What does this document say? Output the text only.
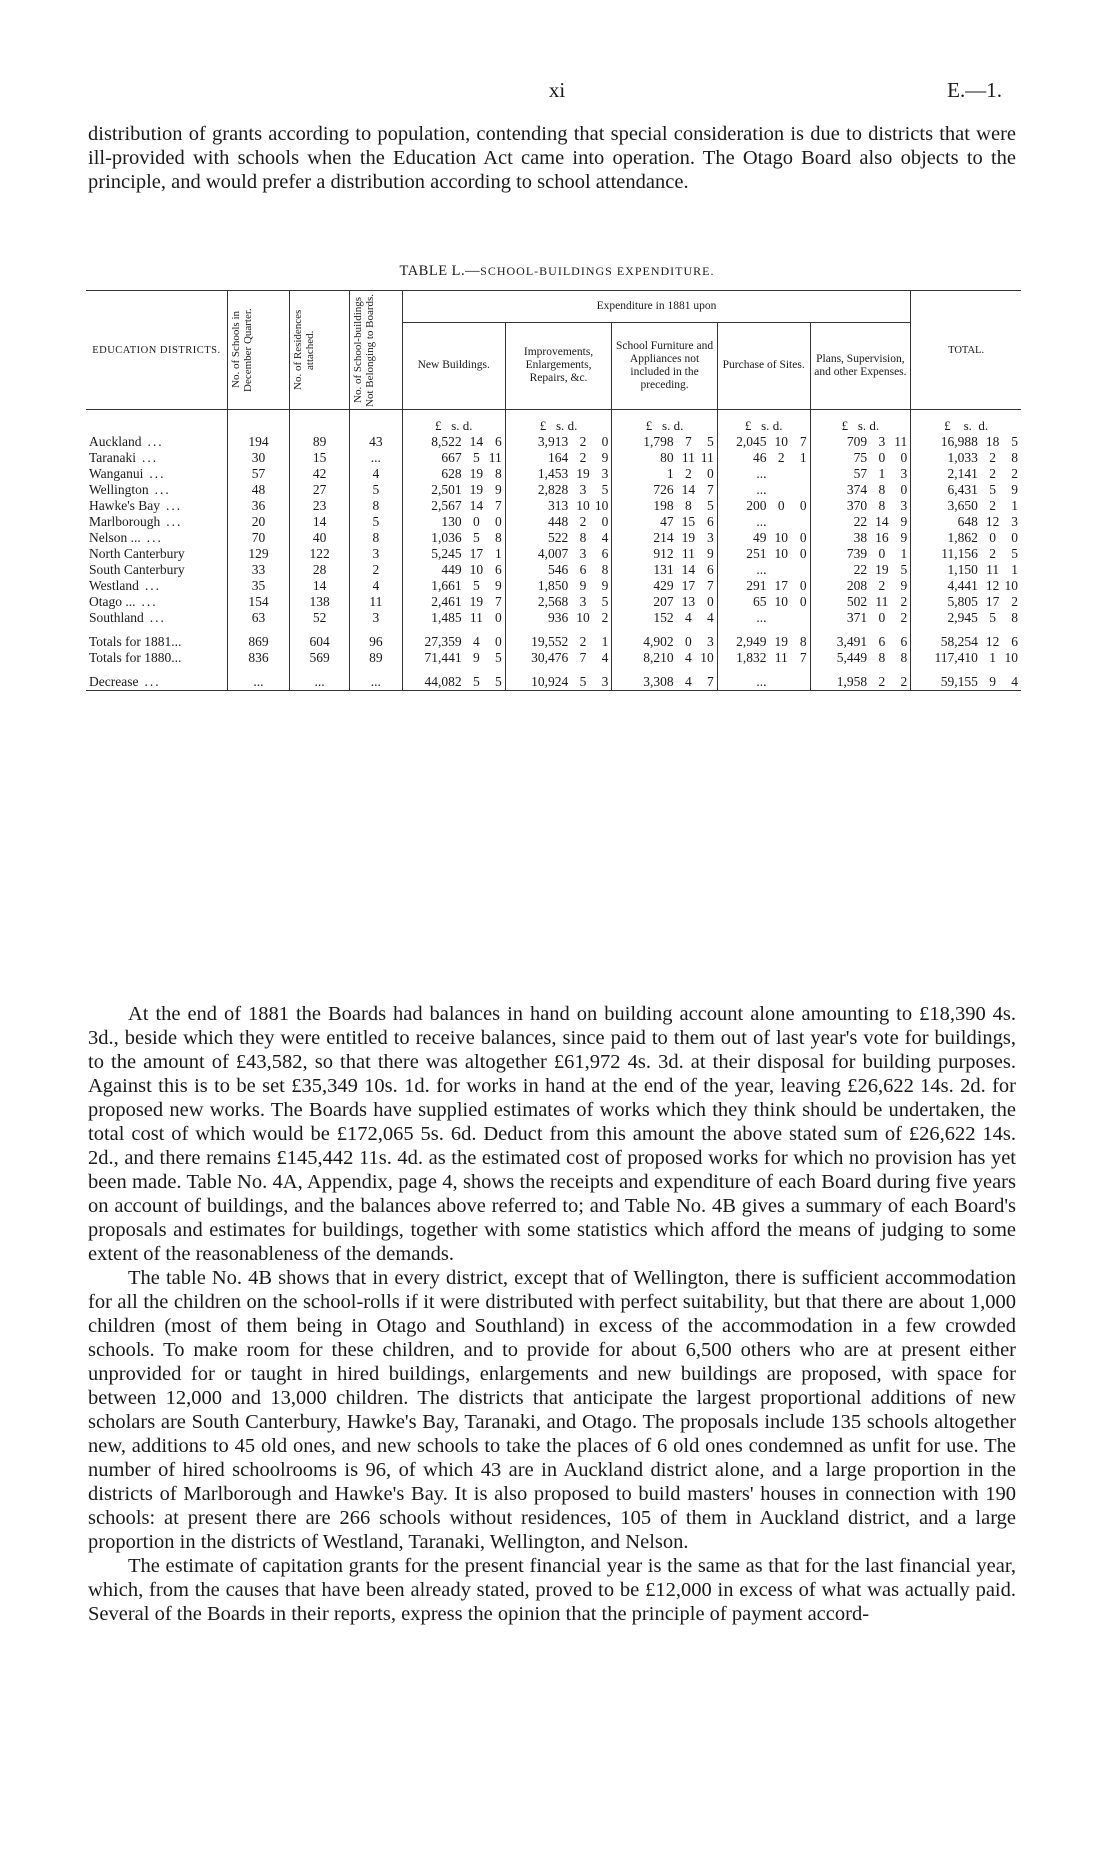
xi	E.—1.

distribution of grants according to population, contending that special consideration is due to districts that were ill-provided with schools when the Education Act came into operation. The Otago Board also objects to the principle, and would prefer a distribution according to school attendance.

TABLE L.—SCHOOL-BUILDINGS EXPENDITURE.
EDUCATION DISTRICTS.	No. of Schools in December Quarter.	No. of Residences attached.	No. of School-buildings Not Belonging to Boards.	Expenditure in 1881 upon					TOTAL.
				New Buildings.	Improvements, Enlargements, Repairs, &c.	School Furniture and Appliances not included in the preceding.	Purchase of Sites.	Plans, Supervision, and other Expenses.	

				£ s. d.	£ s. d.	£ s. d.	£ s. d.	£ s. d.	£ s. d.
Auckland ...	194	89	43	8,522 14 6	3,913 2 0	1,798 7 5	2,045 10 7	709 3 11	16,988 18 5
Taranaki ...	30	15	...	667 5 11	164 2 9	80 11 11	46 2 1	75 0 0	1,033 2 8
Wanganui ...	57	42	4	628 19 8	1,453 19 3	1 2 0	...	57 1 3	2,141 2 2
Wellington ...	48	27	5	2,501 19 9	2,828 3 5	726 14 7	...	374 8 0	6,431 5 9
Hawke's Bay ...	36	23	8	2,567 14 7	313 10 10	198 8 5	200 0 0	370 8 3	3,650 2 1
Marlborough ...	20	14	5	130 0 0	448 2 0	47 15 6	...	22 14 9	648 12 3
Nelson ... ...	70	40	8	1,036 5 8	522 8 4	214 19 3	49 10 0	38 16 9	1,862 0 0
North Canterbury	129	122	3	5,245 17 1	4,007 3 6	912 11 9	251 10 0	739 0 1	11,156 2 5
South Canterbury	33	28	2	449 10 6	546 6 8	131 14 6	...	22 19 5	1,150 11 1
Westland ...	35	14	4	1,661 5 9	1,850 9 9	429 17 7	291 17 0	208 2 9	4,441 12 10
Otago ... ...	154	138	11	2,461 19 7	2,568 3 5	207 13 0	65 10 0	502 11 2	5,805 17 2
Southland ...	63	52	3	1,485 11 0	936 10 2	152 4 4	...	371 0 2	2,945 5 8

Totals for 1881...	869	604	96	27,359 4 0	19,552 2 1	4,902 0 3	2,949 19 8	3,491 6 6	58,254 12 6
Totals for 1880...	836	569	89	71,441 9 5	30,476 7 4	8,210 4 10	1,832 11 7	5,449 8 8	117,410 1 10

Decrease ...	...	...	...	44,082 5 5	10,924 5 3	3,308 4 7	...	1,958 2 2	59,155 9 4

At the end of 1881 the Boards had balances in hand on building account alone amounting to £18,390 4s. 3d., beside which they were entitled to receive balances, since paid to them out of last year's vote for buildings, to the amount of £43,582, so that there was altogether £61,972 4s. 3d. at their disposal for building purposes. Against this is to be set £35,349 10s. 1d. for works in hand at the end of the year, leaving £26,622 14s. 2d. for proposed new works. The Boards have supplied estimates of works which they think should be undertaken, the total cost of which would be £172,065 5s. 6d. Deduct from this amount the above stated sum of £26,622 14s. 2d., and there remains £145,442 11s. 4d. as the estimated cost of proposed works for which no provision has yet been made. Table No. 4A, Appendix, page 4, shows the receipts and expenditure of each Board during five years on account of buildings, and the balances above referred to; and Table No. 4B gives a summary of each Board's proposals and estimates for buildings, together with some statistics which afford the means of judging to some extent of the reasonableness of the demands.

The table No. 4B shows that in every district, except that of Wellington, there is sufficient accommodation for all the children on the school-rolls if it were distributed with perfect suitability, but that there are about 1,000 children (most of them being in Otago and Southland) in excess of the accommodation in a few crowded schools. To make room for these children, and to provide for about 6,500 others who are at present either unprovided for or taught in hired buildings, enlargements and new buildings are proposed, with space for between 12,000 and 13,000 children. The districts that anticipate the largest proportional additions of new scholars are South Canterbury, Hawke's Bay, Taranaki, and Otago. The proposals include 135 schools altogether new, additions to 45 old ones, and new schools to take the places of 6 old ones condemned as unfit for use. The number of hired schoolrooms is 96, of which 43 are in Auckland district alone, and a large proportion in the districts of Marlborough and Hawke's Bay. It is also proposed to build masters' houses in connection with 190 schools: at present there are 266 schools without residences, 105 of them in Auckland district, and a large proportion in the districts of Westland, Taranaki, Wellington, and Nelson.

The estimate of capitation grants for the present financial year is the same as that for the last financial year, which, from the causes that have been already stated, proved to be £12,000 in excess of what was actually paid. Several of the Boards in their reports, express the opinion that the principle of payment accord-
